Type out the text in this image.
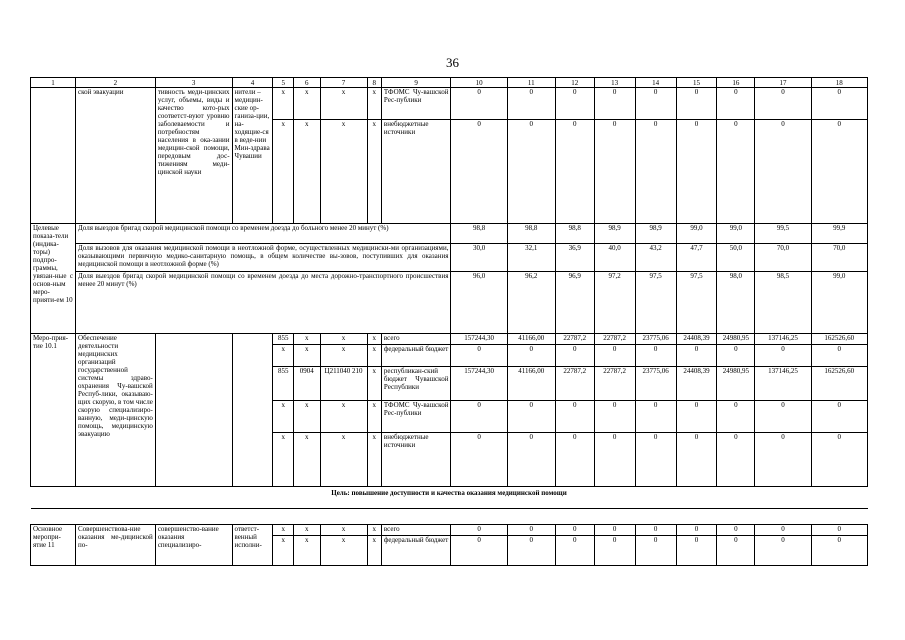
36
1	2	3	4	5	6	7	8	9	10	11	12	13	14	15	16	17	18
	ской эвакуации	тивность меди-цинских услуг, объемы, виды и качество кото-рых соответст-вуют уровню заболеваемости и потребностям населения в ока-зании медицин-ской помощи, передовым дос-тижениям меди-цинской науки	нители – медицин-ские ор-ганиза-ции, на-ходящие-ся в веде-нии Мин-здрава Чувашии	x	x	x	x	ТФОМС Чу-вашской Рес-публики	0	0	0	0	0	0	0	0	0
				x	x	x	x	внебюджетные источники	0	0	0	0	0	0	0	0	0
Целевые показа-тели (индика-торы) подпро-граммы, увязан-ные с основ-ным меро-прияти-ем 10	Доля выездов бригад скорой медицинской помощи со временем доезда до больного менее 20 минут (%)								98,8	98,8	98,8	98,9	98,9	99,0	99,0	99,5	99,9
	Доля вызовов для оказания медицинской помощи в неотложной форме, осуществленных медицински-ми организациями, оказывающими первичную медико-санитарную помощь, в общем количестве вы-зовов, поступивших для оказания медицинской помощи в неотложной форме (%)								30,0	32,1	36,9	40,0	43,2	47,7	50,0	70,0	70,0
	Доля выездов бригад скорой медицинской помощи со временем доезда до места дорожно-транспортного происшествия менее 20 минут (%)								96,0	96,2	96,9	97,2	97,5	97,5	98,0	98,5	99,0
Меро-прия-тие 10.1	Обеспечение деятельности медицинских организаций государственной системы здраво-охранения Чу-вашской Респуб-лики, оказываю-щих скорую, в том числе скорую специализиро-ванную, меди-цинскую помощь, медицинскую эвакуацию			855	x	x	x	всего	157244,30	41166,00	22787,2	22787,2	23775,06	24408,39	24980,95	137146,25	162526,60
				x	x	x	x	федеральный бюджет	0	0	0	0	0	0	0	0	0
				855	0904	Ц211040 210	x	республикан-ский бюджет Чувашской Республики	157244,30	41166,00	22787,2	22787,2	23775,06	24408,39	24980,95	137146,25	162526,60
				x	x	x	x	ТФОМС Чу-вашской Рес-публики	0	0	0	0	0	0	0	0	0
				x	x	x	x	внебюджетные источники	0	0	0	0	0	0	0	0	0
Цель: повышение доступности и качества оказания медицинской помощи																	

Основное меропри-ятие 11	Совершенствова-ние оказания ме-дицинской по-	совершенство-вание оказания специализиро-	ответст-венный исполни-	x	x	x	x	всего	0	0	0	0	0	0	0	0	0
				x	x	x	x	федеральный бюджет	0	0	0	0	0	0	0	0	0
